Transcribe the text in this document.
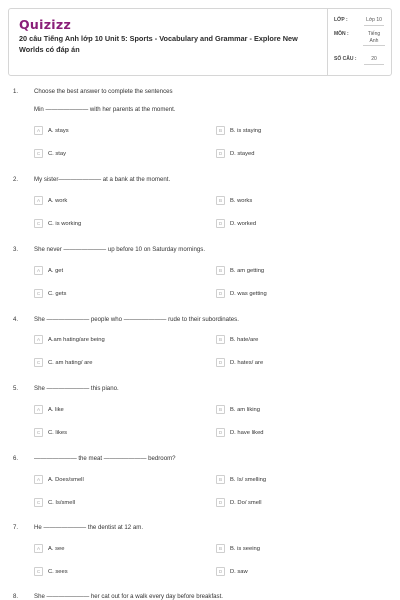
Quizizz
20 câu Tiếng Anh lớp 10 Unit 5: Sports - Vocabulary and Grammar - Explore New Worlds có đáp án
LỚP :	Lớp 10
MÔN :	Tiếng Anh
SỐ CÂU :	20
1.	Choose the best answer to complete the sentences
Min ——————— with her parents at the moment.
A	A. stays	B	B. is staying
C	C. stay	D	D. stayed
2.	My sister——————— at a bank at the moment.
A	A. work	B	B. works
C	C. is working	D	D. worked
3.	She never ——————— up before 10 on Saturday mornings.
A	A. get	B	B. am getting
C	C. gets	D	D. was getting
4.	She ——————— people who ——————— rude to their subordinates.
A	A.am hating/are being	B	B. hate/are
C	C. am hating/ are	D	D. hates/ are
5.	She ——————— this piano.
A	A. like	B	B. am liking
C	C. likes	D	D. have liked
6.	——————— the meat ——————— bedroom?
A	A. Does/smell	B	B. Is/ smelling
C	C. Is/smell	D	D. Do/ smell
7.	He ——————— the dentist at 12 am.
A	A. see	B	B. is seeing
C	C. sees	D	D. saw
8.	She ——————— her cat out for a walk every day before breakfast.
